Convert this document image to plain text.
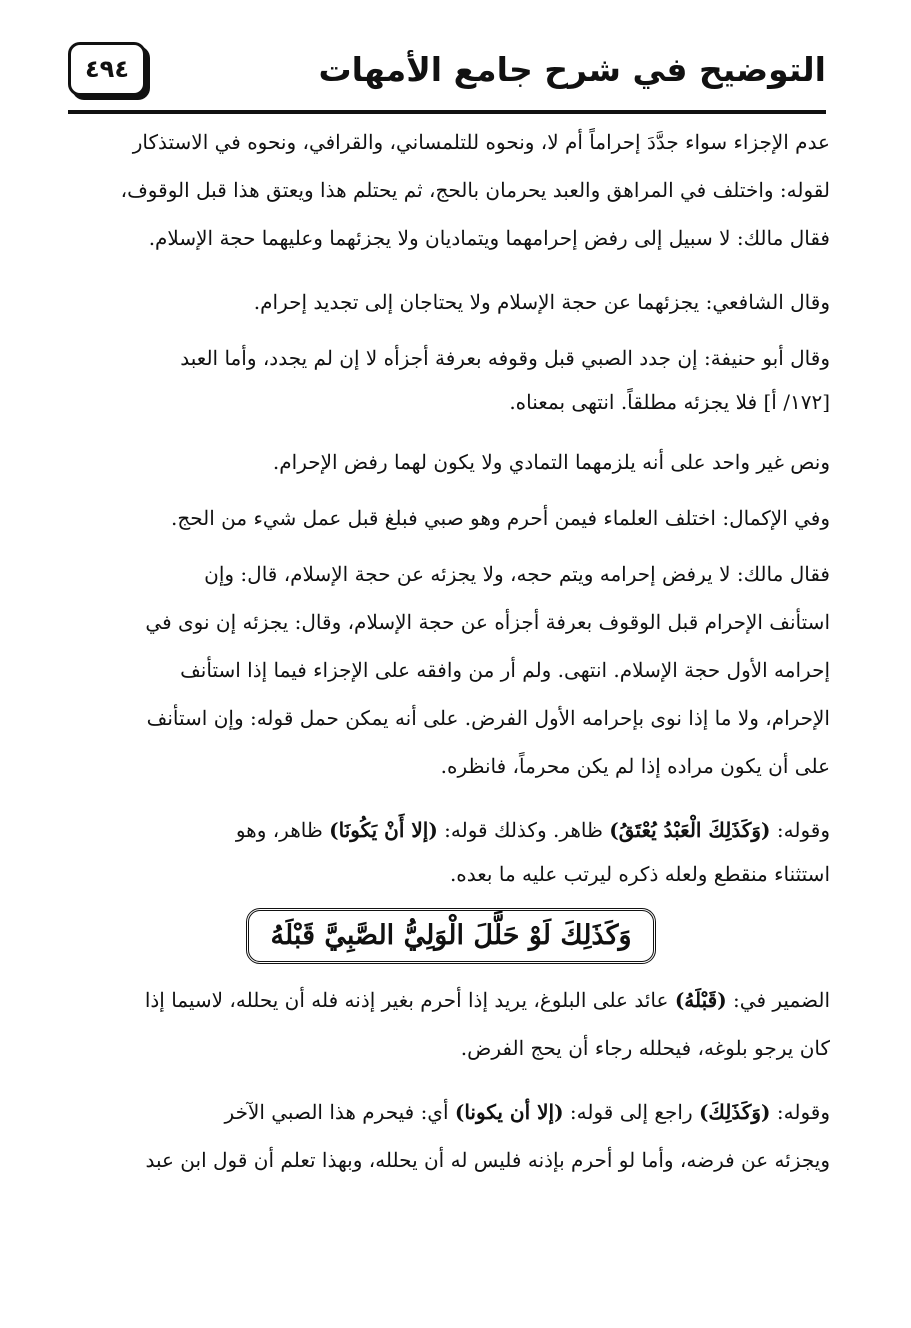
التوضيح في شرح جامع الأمهات
٤٩٤
عدم الإجزاء سواء جدَّدَ إحراماً أم لا، ونحوه للتلمساني، والقرافي، ونحوه في الاستذكار
لقوله: واختلف في المراهق والعبد يحرمان بالحج، ثم يحتلم هذا ويعتق هذا قبل الوقوف،
فقال مالك: لا سبيل إلى رفض إحرامهما ويتماديان ولا يجزئهما وعليهما حجة الإسلام.
وقال الشافعي: يجزئهما عن حجة الإسلام ولا يحتاجان إلى تجديد إحرام.
وقال أبو حنيفة: إن جدد الصبي قبل وقوفه بعرفة أجزأه لا إن لم يجدد، وأما العبد
[١٧٢/ أ] فلا يجزئه مطلقاً. انتهى بمعناه.
ونص غير واحد على أنه يلزمهما التمادي ولا يكون لهما رفض الإحرام.
وفي الإكمال: اختلف العلماء فيمن أحرم وهو صبي فبلغ قبل عمل شيء من الحج.
فقال مالك: لا يرفض إحرامه ويتم حجه، ولا يجزئه عن حجة الإسلام، قال: وإن
استأنف الإحرام قبل الوقوف بعرفة أجزأه عن حجة الإسلام، وقال: يجزئه إن نوى في
إحرامه الأول حجة الإسلام. انتهى. ولم أر من وافقه على الإجزاء فيما إذا استأنف
الإحرام، ولا ما إذا نوى بإحرامه الأول الفرض. على أنه يمكن حمل قوله: وإن استأنف
على أن يكون مراده إذا لم يكن محرماً، فانظره.
وقوله: (وَكَذَلِكَ الْعَبْدُ يُعْتَقُ) ظاهر. وكذلك قوله: (إلا أَنْ يَكُونَا) ظاهر، وهو
استثناء منقطع ولعله ذكره ليرتب عليه ما بعده.
وَكَذَلِكَ لَوْ حَلَّلَ الْوَلِيُّ الصَّبِيَّ قَبْلَهُ
الضمير في: (قَبْلَهُ) عائد على البلوغ، يريد إذا أحرم بغير إذنه فله أن يحلله، لاسيما إذا
كان يرجو بلوغه، فيحلله رجاء أن يحج الفرض.
وقوله: (وَكَذَلِكَ) راجع إلى قوله: (إلا أن يكونا) أي: فيحرم هذا الصبي الآخر
ويجزئه عن فرضه، وأما لو أحرم بإذنه فليس له أن يحلله، وبهذا تعلم أن قول ابن عبد
